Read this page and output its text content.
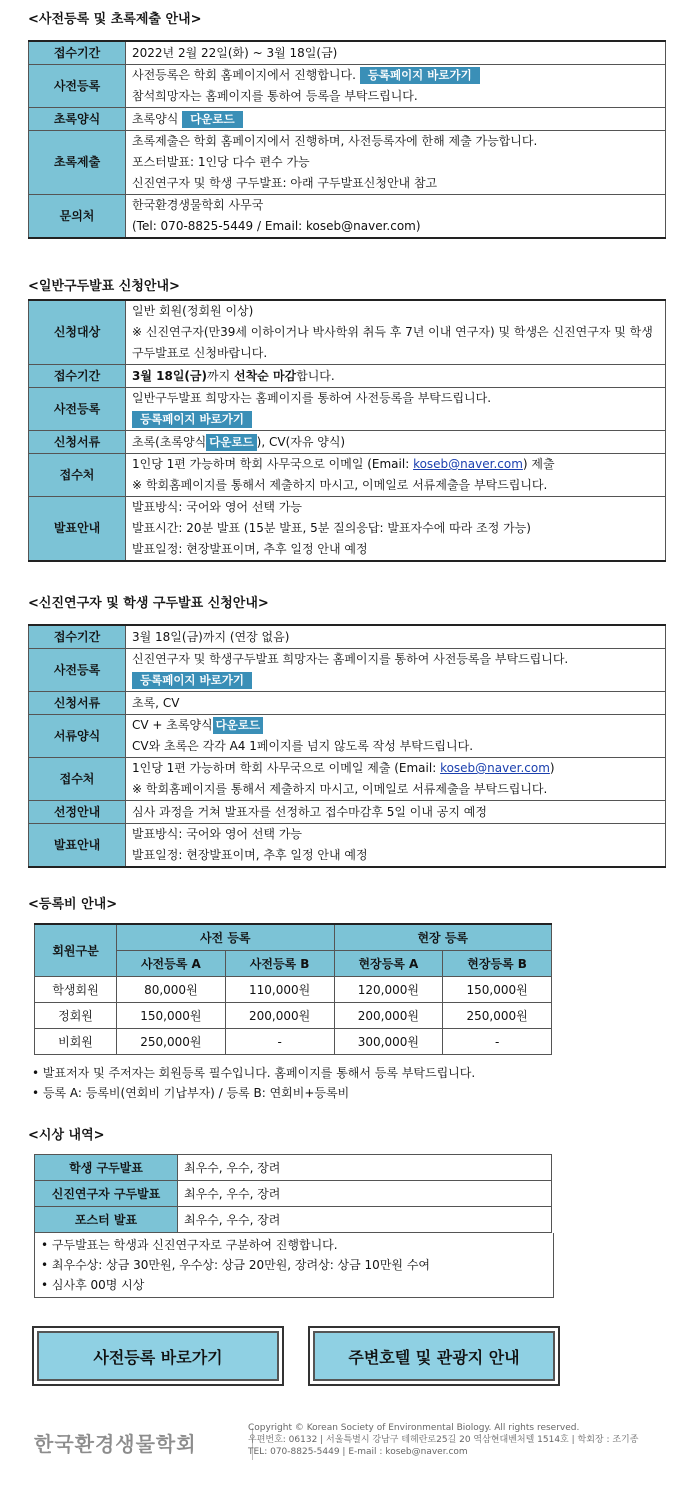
<사전등록 및 초록제출 안내>

접수기간	2022년 2월 22일(화) ~ 3월 18일(금)

사전등록	사전등록은 학회 홈페이지에서 진행합니다. 등록페이지 바로가기
참석희망자는 홈페이지를 통하여 등록을 부탁드립니다.

초록양식	초록양식 다운로드

초록제출	초록제출은 학회 홈페이지에서 진행하며, 사전등록자에 한해 제출 가능합니다.
포스터발표: 1인당 다수 편수 가능
신진연구자 및 학생 구두발표: 아래 구두발표신청안내 참고

문의처	한국환경생물학회 사무국
(Tel: 070-8825-5449 / Email: koseb@naver.com)

<일반구두발표 신청안내>

신청대상	일반 회원(정회원 이상)
※ 신진연구자(만39세 이하이거나 박사학위 취득 후 7년 이내 연구자) 및 학생은 신진연구자 및 학생 구두발표로 신청바랍니다.

접수기간	3월 18일(금)까지 선착순 마감합니다.

사전등록	일반구두발표 희망자는 홈페이지를 통하여 사전등록을 부탁드립니다.
등록페이지 바로가기

신청서류	초록(초록양식 다운로드 ), CV(자유 양식)

접수처	1인당 1편 가능하며 학회 사무국으로 이메일 (Email: koseb@naver.com) 제출
※ 학회홈페이지를 통해서 제출하지 마시고, 이메일로 서류제출을 부탁드립니다.

발표안내	발표방식: 국어와 영어 선택 가능
발표시간: 20분 발표 (15분 발표, 5분 질의응답: 발표자수에 따라 조정 가능)
발표일정: 현장발표이며, 추후 일정 안내 예정

<신진연구자 및 학생 구두발표 신청안내>

접수기간	3월 18일(금)까지 (연장 없음)

사전등록	신진연구자 및 학생구두발표 희망자는 홈페이지를 통하여 사전등록을 부탁드립니다.
등록페이지 바로가기

신청서류	초록, CV

서류양식	CV + 초록양식 다운로드
CV와 초록은 각각 A4 1페이지를 넘지 않도록 작성 부탁드립니다.

접수처	1인당 1편 가능하며 학회 사무국으로 이메일 제출 (Email: koseb@naver.com)
※ 학회홈페이지를 통해서 제출하지 마시고, 이메일로 서류제출을 부탁드립니다.

선정안내	심사 과정을 거쳐 발표자를 선정하고 접수마감후 5일 이내 공지 예정

발표안내	발표방식: 국어와 영어 선택 가능
발표일정: 현장발표이며, 추후 일정 안내 예정

<등록비 안내>

회원구분	사전 등록		현장 등록	
	사전등록 A	사전등록 B	현장등록 A	현장등록 B
학생회원	80,000원	110,000원	120,000원	150,000원
정회원	150,000원	200,000원	200,000원	250,000원
비회원	250,000원	-	300,000원	-
• 발표저자 및 주저자는 회원등록 필수입니다. 홈페이지를 통해서 등록 부탁드립니다.
• 등록 A: 등록비(연회비 기납부자) / 등록 B: 연회비+등록비

<시상 내역>

학생 구두발표	최우수, 우수, 장려
신진연구자 구두발표	최우수, 우수, 장려
포스터 발표	최우수, 우수, 장려
• 구두발표는 학생과 신진연구자로 구분하여 진행합니다.
• 최우수상: 상금 30만원, 우수상: 상금 20만원, 장려상: 상금 10만원 수여
• 심사후 00명 시상
사전등록 바로가기	주변호텔 및 관광지 안내
한국환경생물학회
Copyright © Korean Society of Environmental Biology. All rights reserved.
우편번호: 06132 | 서울특별시 강남구 테헤란로25길 20 역삼현대벤처텔 1514호 | 학회장 : 조기종
TEL: 070-8825-5449 | E-mail : koseb@naver.com
